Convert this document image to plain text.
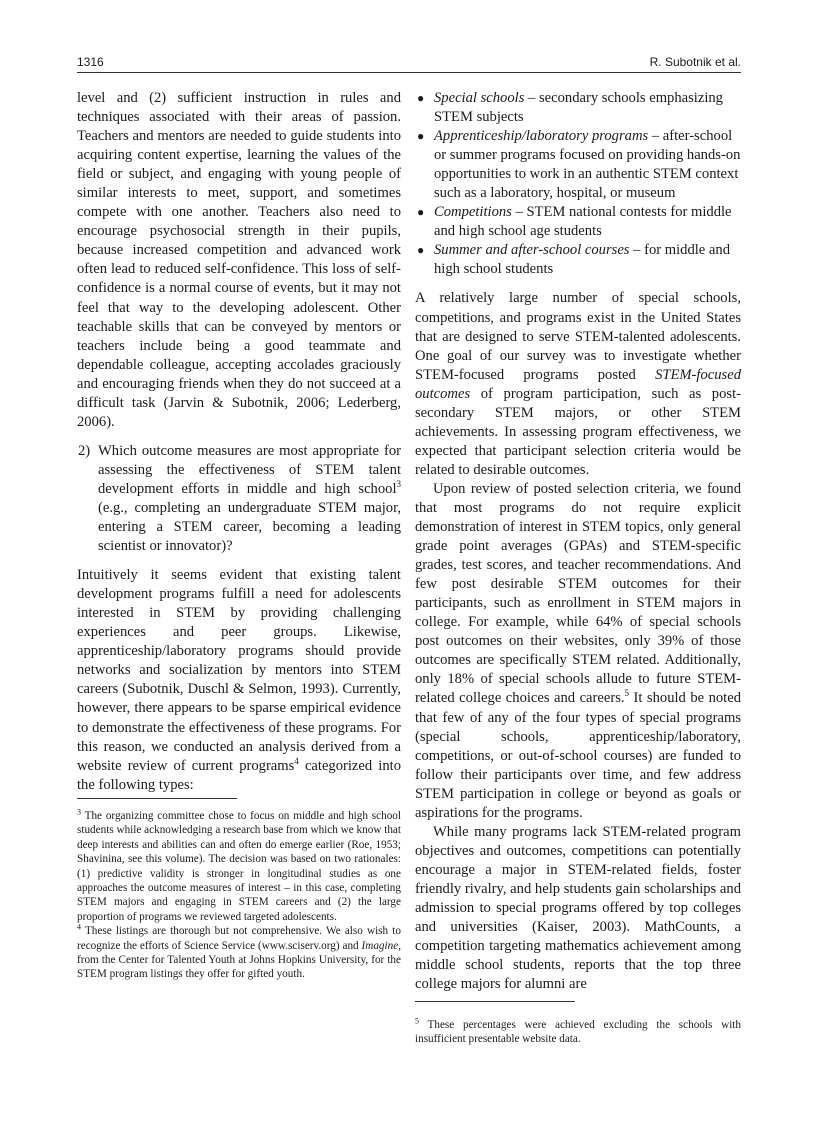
1316	R. Subotnik et al.

level and (2) sufficient instruction in rules and techniques associated with their areas of passion. Teachers and mentors are needed to guide students into acquiring content expertise, learning the values of the field or subject, and engaging with young people of similar interests to meet, support, and sometimes compete with one another. Teachers also need to encourage psychosocial strength in their pupils, because increased competition and advanced work often lead to reduced self-confidence. This loss of self-confidence is a normal course of events, but it may not feel that way to the developing adolescent. Other teachable skills that can be conveyed by mentors or teachers include being a good teammate and dependable colleague, accepting accolades graciously and encouraging friends when they do not succeed at a difficult task (Jarvin & Subotnik, 2006; Lederberg, 2006).

2) Which outcome measures are most appropriate for assessing the effectiveness of STEM talent development efforts in middle and high school$^3$ (e.g., completing an undergraduate STEM major, entering a STEM career, becoming a leading scientist or innovator)?

Intuitively it seems evident that existing talent development programs fulfill a need for adolescents interested in STEM by providing challenging experiences and peer groups. Likewise, apprenticeship/laboratory programs should provide networks and socialization by mentors into STEM careers (Subotnik, Duschl & Selmon, 1993). Currently, however, there appears to be sparse empirical evidence to demonstrate the effectiveness of these programs. For this reason, we conducted an analysis derived from a website review of current programs$^4$ categorized into the following types:

● Special schools – secondary schools emphasizing STEM subjects
● Apprenticeship/laboratory programs – after-school or summer programs focused on providing hands-on opportunities to work in an authentic STEM context such as a laboratory, hospital, or museum
● Competitions – STEM national contests for middle and high school age students
● Summer and after-school courses – for middle and high school students

A relatively large number of special schools, competitions, and programs exist in the United States that are designed to serve STEM-talented adolescents. One goal of our survey was to investigate whether STEM-focused programs posted STEM-focused outcomes of program participation, such as post-secondary STEM majors, or other STEM achievements. In assessing program effectiveness, we expected that participant selection criteria would be related to desirable outcomes.

Upon review of posted selection criteria, we found that most programs do not require explicit demonstration of interest in STEM topics, only general grade point averages (GPAs) and STEM-specific grades, test scores, and teacher recommendations. And few post desirable STEM outcomes for their participants, such as enrollment in STEM majors in college. For example, while 64% of special schools post outcomes on their websites, only 39% of those outcomes are specifically STEM related. Additionally, only 18% of special schools allude to future STEM-related college choices and careers.$^5$ It should be noted that few of any of the four types of special programs (special schools, apprenticeship/laboratory, competitions, or out-of-school courses) are funded to follow their participants over time, and few address STEM participation in college or beyond as goals or aspirations for the programs.

While many programs lack STEM-related program objectives and outcomes, competitions can potentially encourage a major in STEM-related fields, foster friendly rivalry, and help students gain scholarships and admission to special programs offered by top colleges and universities (Kaiser, 2003). MathCounts, a competition targeting mathematics achievement among middle school students, reports that the top three college majors for alumni are

$^3$ The organizing committee chose to focus on middle and high school students while acknowledging a research base from which we know that deep interests and abilities can and often do emerge earlier (Roe, 1953; Shavinina, see this volume). The decision was based on two rationales: (1) predictive validity is stronger in longitudinal studies as one approaches the outcome measures of interest – in this case, completing STEM majors and engaging in STEM careers and (2) the large proportion of programs we reviewed targeted adolescents.

$^4$ These listings are thorough but not comprehensive. We also wish to recognize the efforts of Science Service (www.sciserv.org) and Imagine, from the Center for Talented Youth at Johns Hopkins University, for the STEM program listings they offer for gifted youth.

$^5$ These percentages were achieved excluding the schools with insufficient presentable website data.
